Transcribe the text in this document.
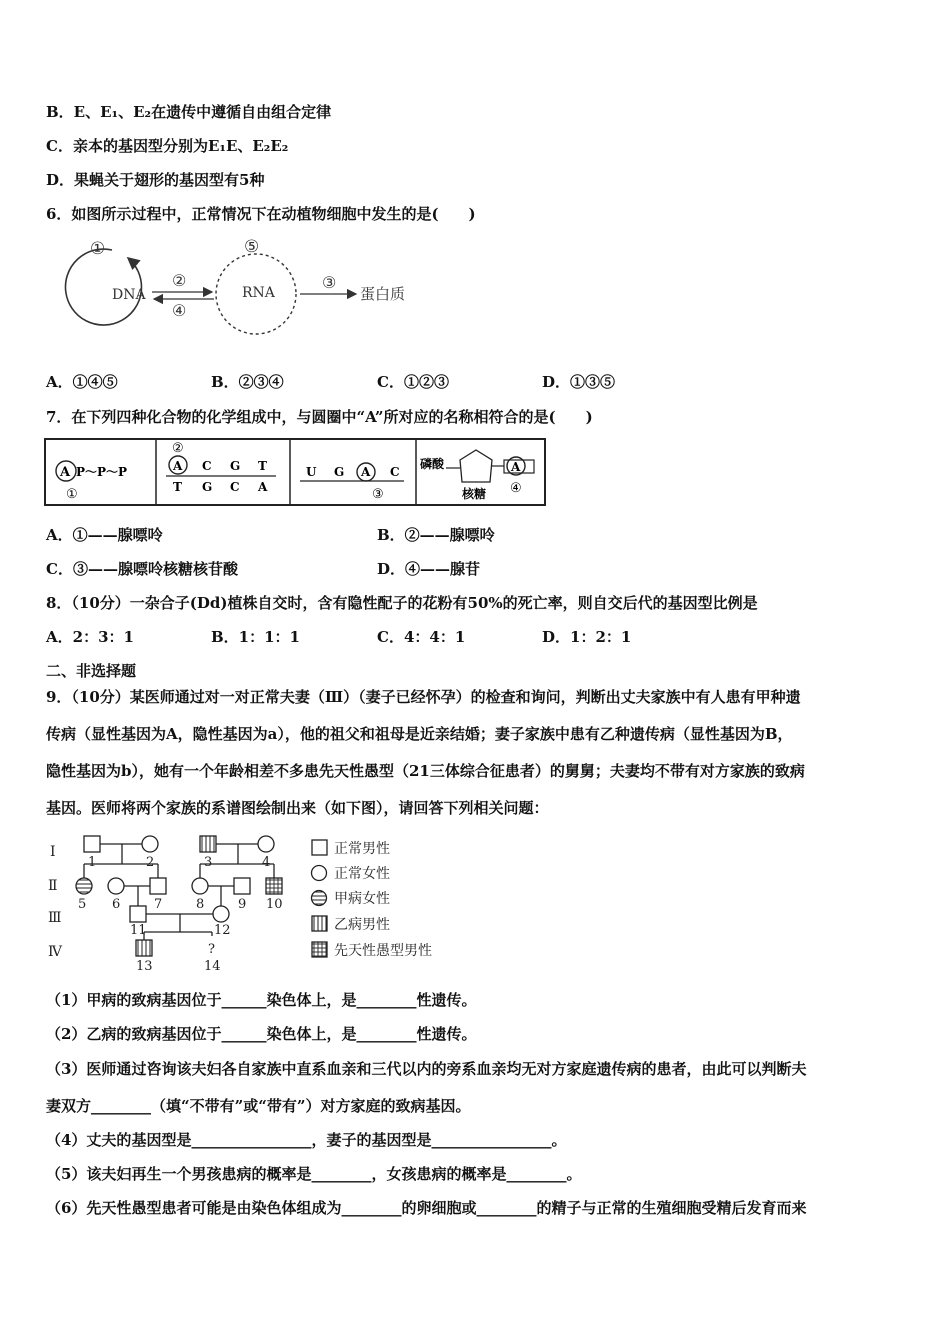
B．E、E₁、E₂在遗传中遵循自由组合定律
C．亲本的基因型分别为E₁E、E₂E₂
D．果蝇关于翅形的基因型有5种
6．如图所示过程中，正常情况下在动植物细胞中发生的是(　　)
①
DNA
②
④
⑤
RNA
③
蛋白质
A．①④⑤	B．②③④	C．①②③	D．①③⑤
7．在下列四种化合物的化学组成中，与圆圈中“A”所对应的名称相符合的是(　　)
A P～P～P
①
②
A C G T
T G C A
U G A C
③
磷酸	A
核糖 ④
A．①——腺嘌呤	B．②——腺嘌呤
C．③——腺嘌呤核糖核苷酸	D．④——腺苷
8．（10分）一杂合子(Dd)植株自交时，含有隐性配子的花粉有50%的死亡率，则自交后代的基因型比例是
A．2：3：1	B．1：1：1	C．4：4：1	D．1：2：1
二、非选择题
9．（10分）某医师通过对一对正常夫妻（Ⅲ）（妻子已经怀孕）的检查和询问，判断出丈夫家族中有人患有甲种遗
传病（显性基因为A，隐性基因为a），他的祖父和祖母是近亲结婚；妻子家族中患有乙种遗传病（显性基因为B，
隐性基因为b），她有一个年龄相差不多患先天性愚型（21三体综合征患者）的舅舅；夫妻均不带有对方家族的致病
基因。医师将两个家族的系谱图绘制出来（如下图），请回答下列相关问题：
Ⅰ
Ⅱ
Ⅲ
Ⅳ	?
1	2	3	4
5 6	7	8	9 10
11	12
13	14
正常男性
正常女性
甲病女性
乙病男性
先天性愚型男性
（1）甲病的致病基因位于______染色体上，是________性遗传。
（2）乙病的致病基因位于______染色体上，是________性遗传。
（3）医师通过咨询该夫妇各自家族中直系血亲和三代以内的旁系血亲均无对方家庭遗传病的患者，由此可以判断夫
妻双方________（填“不带有”或“带有”）对方家庭的致病基因。
（4）丈夫的基因型是________________，妻子的基因型是________________。
（5）该夫妇再生一个男孩患病的概率是________，女孩患病的概率是________。
（6）先天性愚型患者可能是由染色体组成为________的卵细胞或________的精子与正常的生殖细胞受精后发育而来
